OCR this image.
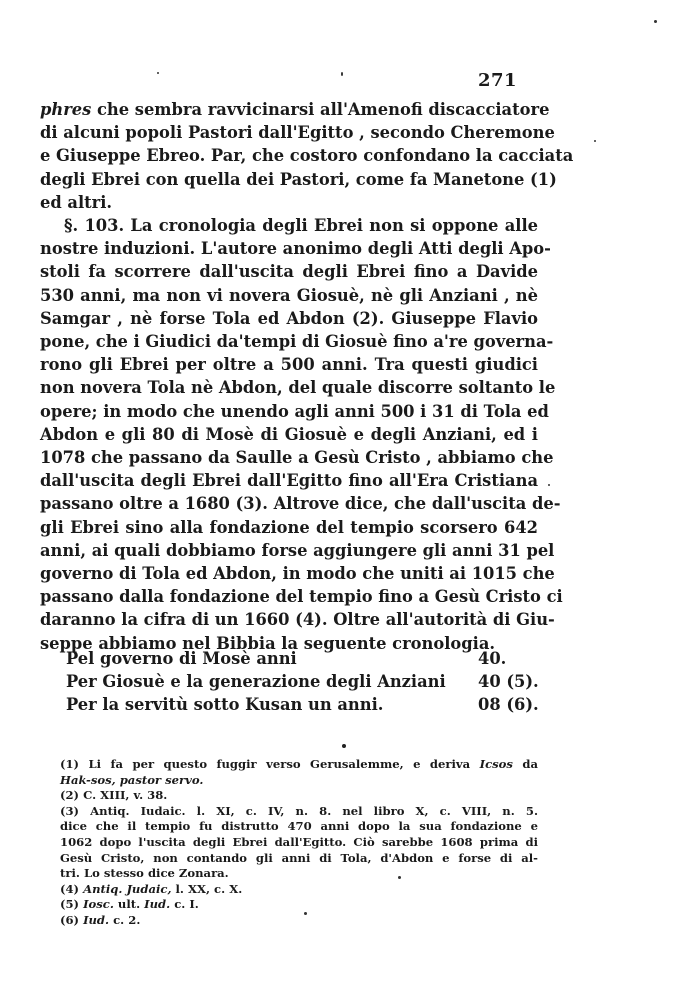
271
phres che sembra ravvicinarsi all'Amenofi discacciatore
di alcuni popoli Pastori dall'Egitto , secondo Cheremone
e Giuseppe Ebreo. Par, che costoro confondano la cacciata
degli Ebrei con quella dei Pastori, come fa Manetone (1)
ed altri.
§. 103. La cronologia degli Ebrei non si oppone alle
nostre induzioni. L'autore anonimo degli Atti degli Apo-
stoli fa scorrere dall'uscita degli Ebrei fino a Davide
530 anni, ma non vi novera Giosuè, nè gli Anziani , nè
Samgar , nè forse Tola ed Abdon (2). Giuseppe Flavio
pone, che i Giudici da'tempi di Giosuè fino a're governa-
rono gli Ebrei per oltre a 500 anni. Tra questi giudici
non novera Tola nè Abdon, del quale discorre soltanto le
opere; in modo che unendo agli anni 500 i 31 di Tola ed
Abdon e gli 80 di Mosè di Giosuè e degli Anziani, ed i
1078 che passano da Saulle a Gesù Cristo , abbiamo che
dall'uscita degli Ebrei dall'Egitto fino all'Era Cristiana
passano oltre a 1680 (3). Altrove dice, che dall'uscita de-
gli Ebrei sino alla fondazione del tempio scorsero 642
anni, ai quali dobbiamo forse aggiungere gli anni 31 pel
governo di Tola ed Abdon, in modo che uniti ai 1015 che
passano dalla fondazione del tempio fino a Gesù Cristo ci
daranno la cifra di un 1660 (4). Oltre all'autorità di Giu-
seppe abbiamo nel Bibbia la seguente cronologia.
Pel governo di Mosè anni	40.
Per Giosuè e la generazione degli Anziani 40 (5).
Per la servitù sotto Kusan un anni.	08 (6).
(1) Li fa per questo fuggir verso Gerusalemme, e deriva Icsos da
Hak-sos, pastor servo.
(2) C. XIII, v. 38.
(3) Antiq. Iudaic. l. XI, c. IV, n. 8. nel libro X, c. VIII, n. 5.
dice che il tempio fu distrutto 470 anni dopo la sua fondazione e
1062 dopo l'uscita degli Ebrei dall'Egitto. Ciò sarebbe 1608 prima di
Gesù Cristo, non contando gli anni di Tola, d'Abdon e forse di al-
tri. Lo stesso dice Zonara.
(4) Antiq. Judaic, l. XX, c. X.
(5) Iosc. ult. Iud. c. I.
(6) Iud. c. 2.
